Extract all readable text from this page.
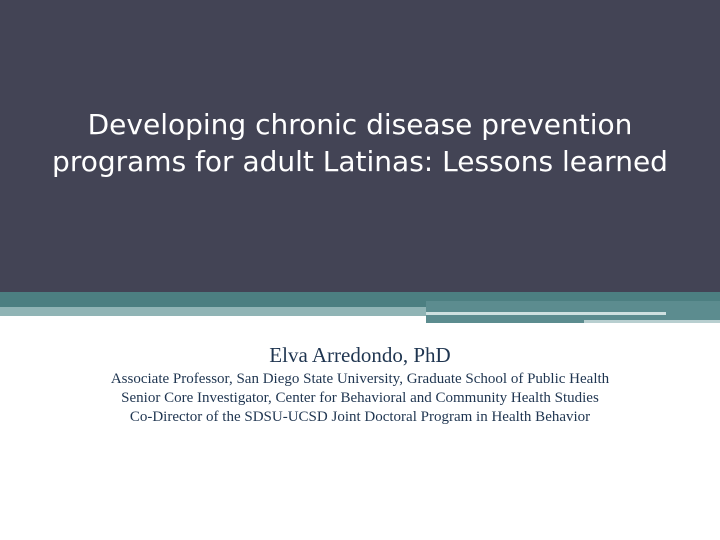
Developing chronic disease prevention
programs for adult Latinas: Lessons learned
Elva Arredondo, PhD
Associate Professor, San Diego State University, Graduate School of Public Health
Senior Core Investigator, Center for Behavioral and Community Health Studies
Co-Director of the SDSU-UCSD Joint Doctoral Program in Health Behavior
